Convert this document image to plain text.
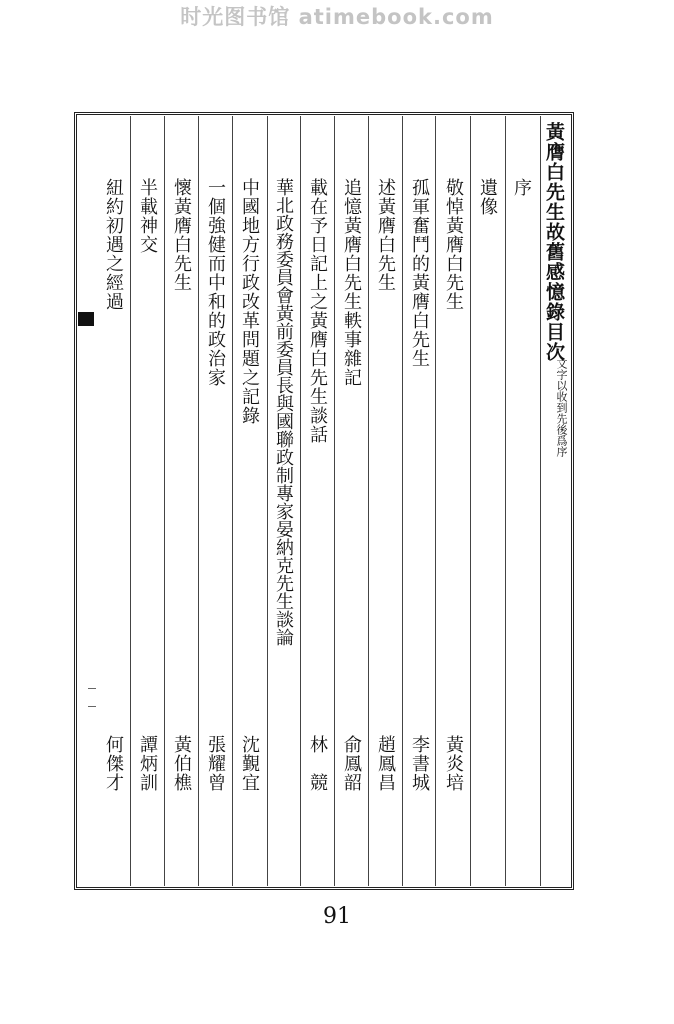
时光图书馆 atimebook.com
黃膺白先生故舊感憶錄目次
文字以收到先後爲序
序
遺像
敬悼黃膺白先生
黃炎培
孤軍奮鬥的黃膺白先生
李書城
述黃膺白先生
趙鳳昌
追憶黃膺白先生軼事雜記
俞鳳韶
載在予日記上之黃膺白先生談話
林　競
華北政務委員會黃前委員長與國聯政制專家晏納克先生談論
沈覲宜
中國地方行政改革問題之記錄
一個強健而中和的政治家
張耀曾
懷黃膺白先生
黃伯樵
半載神交
譚炳訓
紐約初遇之經過
何傑才
91
